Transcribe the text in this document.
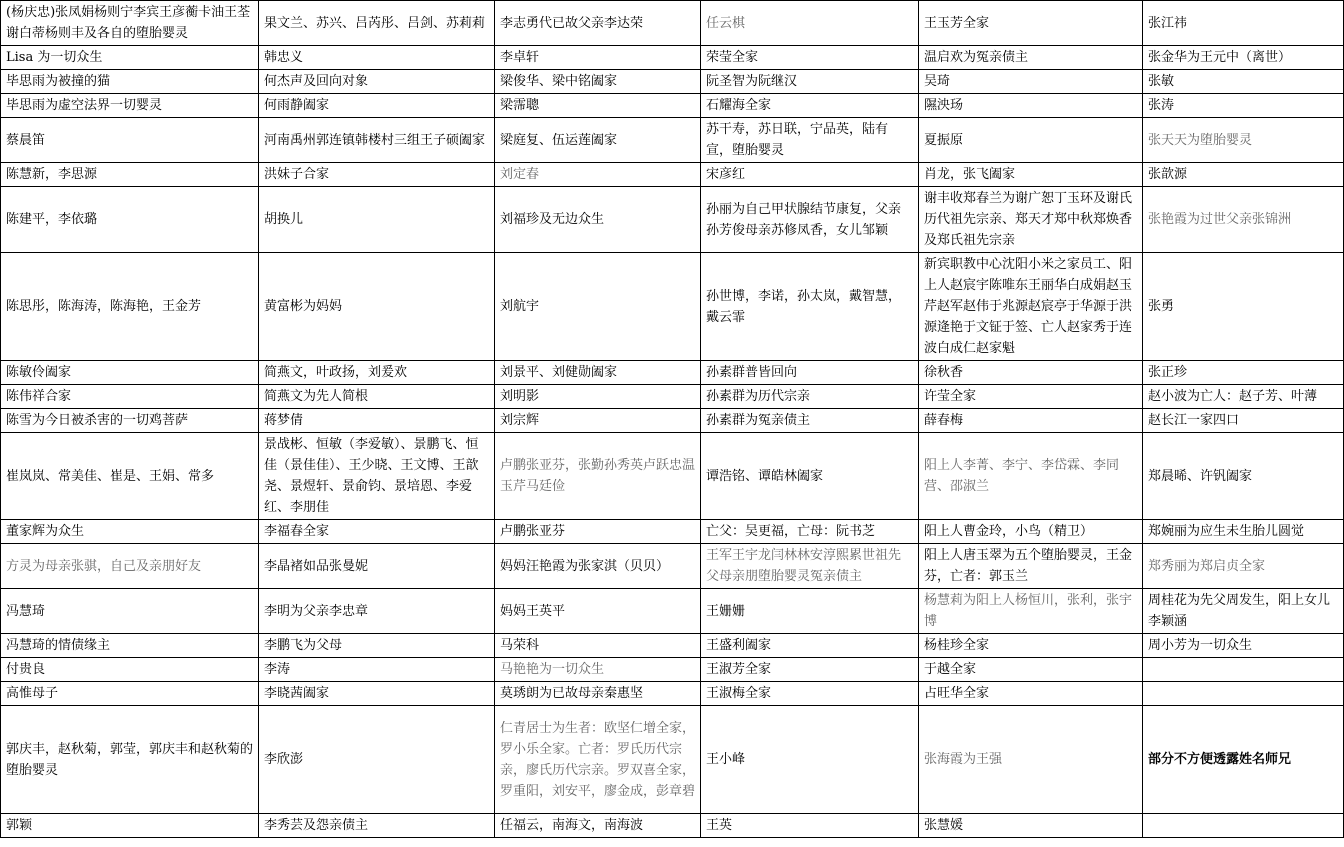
(杨庆忠)张凤娟杨则宁李宾王彦蘅卡油王荃谢白蒂杨则丰及各自的堕胎婴灵	果文兰、苏兴、吕芮彤、吕剑、苏莉莉	李志勇代已故父亲李达荣	任云棋	王玉芳全家	张江祎
Lisa 为一切众生	韩忠义	李卓轩	荣莹全家	温启欢为冤亲债主	张金华为王元中（离世）
毕思雨为被撞的猫	何杰声及回向对象	梁俊华、梁中铭阖家	阮圣智为阮继汉	吴琦	张敏
毕思雨为虚空法界一切婴灵	何雨静阖家	梁霈聰	石耀海全家	隰泱玚	张涛
蔡晨笛	河南禹州郭连镇韩楼村三组王子硕阖家	梁庭复、伍运莲阖家	苏干寿，苏日联，宁品英，陆有宣，堕胎婴灵	夏振原	张天天为堕胎婴灵
陈慧新，李思源	洪妹子合家	刘定春	宋彦红	肖龙，张飞阖家	张歆源
陈建平，李依璐	胡换儿	刘福珍及无边众生	孙丽为自己甲状腺结节康复，父亲孙芳俊母亲苏修凤香，女儿邹颖	谢丰收郑春兰为谢广恕丁玉环及谢氏历代祖先宗亲、郑天才郑中秋郑焕香及郑氏祖先宗亲	张艳霞为过世父亲张锦洲
陈思彤，陈海涛，陈海艳，王金芳	黄富彬为妈妈	刘航宇	孙世博，李诺，孙太岚，戴智慧，戴云霏	新宾职教中心沈阳小米之家员工、阳上人赵宸宇陈唯东王丽华白成娟赵玉芹赵军赵伟于兆源赵宸亭于华源于洪源逄艳于文钲于签、亡人赵家秀于连波白成仁赵家魁	张勇
陈敏伶阖家	简燕文，叶政扬，刘爰欢	刘景平、刘健勋阖家	孙素群普皆回向	徐秋香	张正珍
陈伟祥合家	简燕文为先人简根	刘明影	孙素群为历代宗亲	许莹全家	赵小波为亡人：赵子芳、叶薄
陈雪为今日被杀害的一切鸡菩萨	蒋梦倩	刘宗辉	孙素群为冤亲债主	薛春梅	赵长江一家四口
崔岚岚、常美佳、崔是、王娟、常多	景战彬、恒敏（李爱敏）、景鹏飞、恒佳（景佳佳）、王少晓、王文博、王歆尧、景煜轩、景俞钧、景培恩、李爱红、李朋佳	卢鹏张亚芬，张勤孙秀英卢跃忠温玉芹马廷俭	谭浩铭、谭皓林阖家	阳上人李菁、李宁、李岱霖、李同营、邵淑兰	郑晨晞、许钒阖家
董家辉为众生	李福春全家	卢鹏张亚芬	亡父：吴更福，亡母：阮书芝	阳上人曹金玲，小鸟（精卫）	郑婉丽为应生未生胎儿圆觉
方灵为母亲张骐，自己及亲朋好友	李晶褚如品张曼妮	妈妈汪艳霞为张家淇（贝贝）	王军王宇龙闫林林安淳熙累世祖先父母亲朋堕胎婴灵冤亲债主	阳上人唐玉翠为五个堕胎婴灵，王金芬，亡者：郭玉兰	郑秀丽为郑启贞全家
冯慧琦	李明为父亲李忠章	妈妈王英平	王姗姗	杨慧莉为阳上人杨恒川，张利，张宇博	周桂花为先父周发生，阳上女儿李颖涵
冯慧琦的情债缘主	李鹏飞为父母	马荣科	王盛利阖家	杨桂珍全家	周小芳为一切众生
付贵良	李涛	马艳艳为一切众生	王淑芳全家	于越全家	
高惟母子	李晓茜阖家	莫琇朗为已故母亲秦惠坚	王淑梅全家	占旺华全家	
郭庆丰，赵秋菊，郭莹，郭庆丰和赵秋菊的堕胎婴灵	李欣澎	仁青居士为生者：欧坚仁增全家，罗小乐全家。亡者：罗氏历代宗亲，廖氏历代宗亲。罗双喜全家，罗重阳，刘安平，廖金成，彭章碧	王小峰	张海霞为王强	部分不方便透露姓名师兄
郭颖	李秀芸及怨亲债主	任福云，南海文，南海波	王英	张慧媛	
